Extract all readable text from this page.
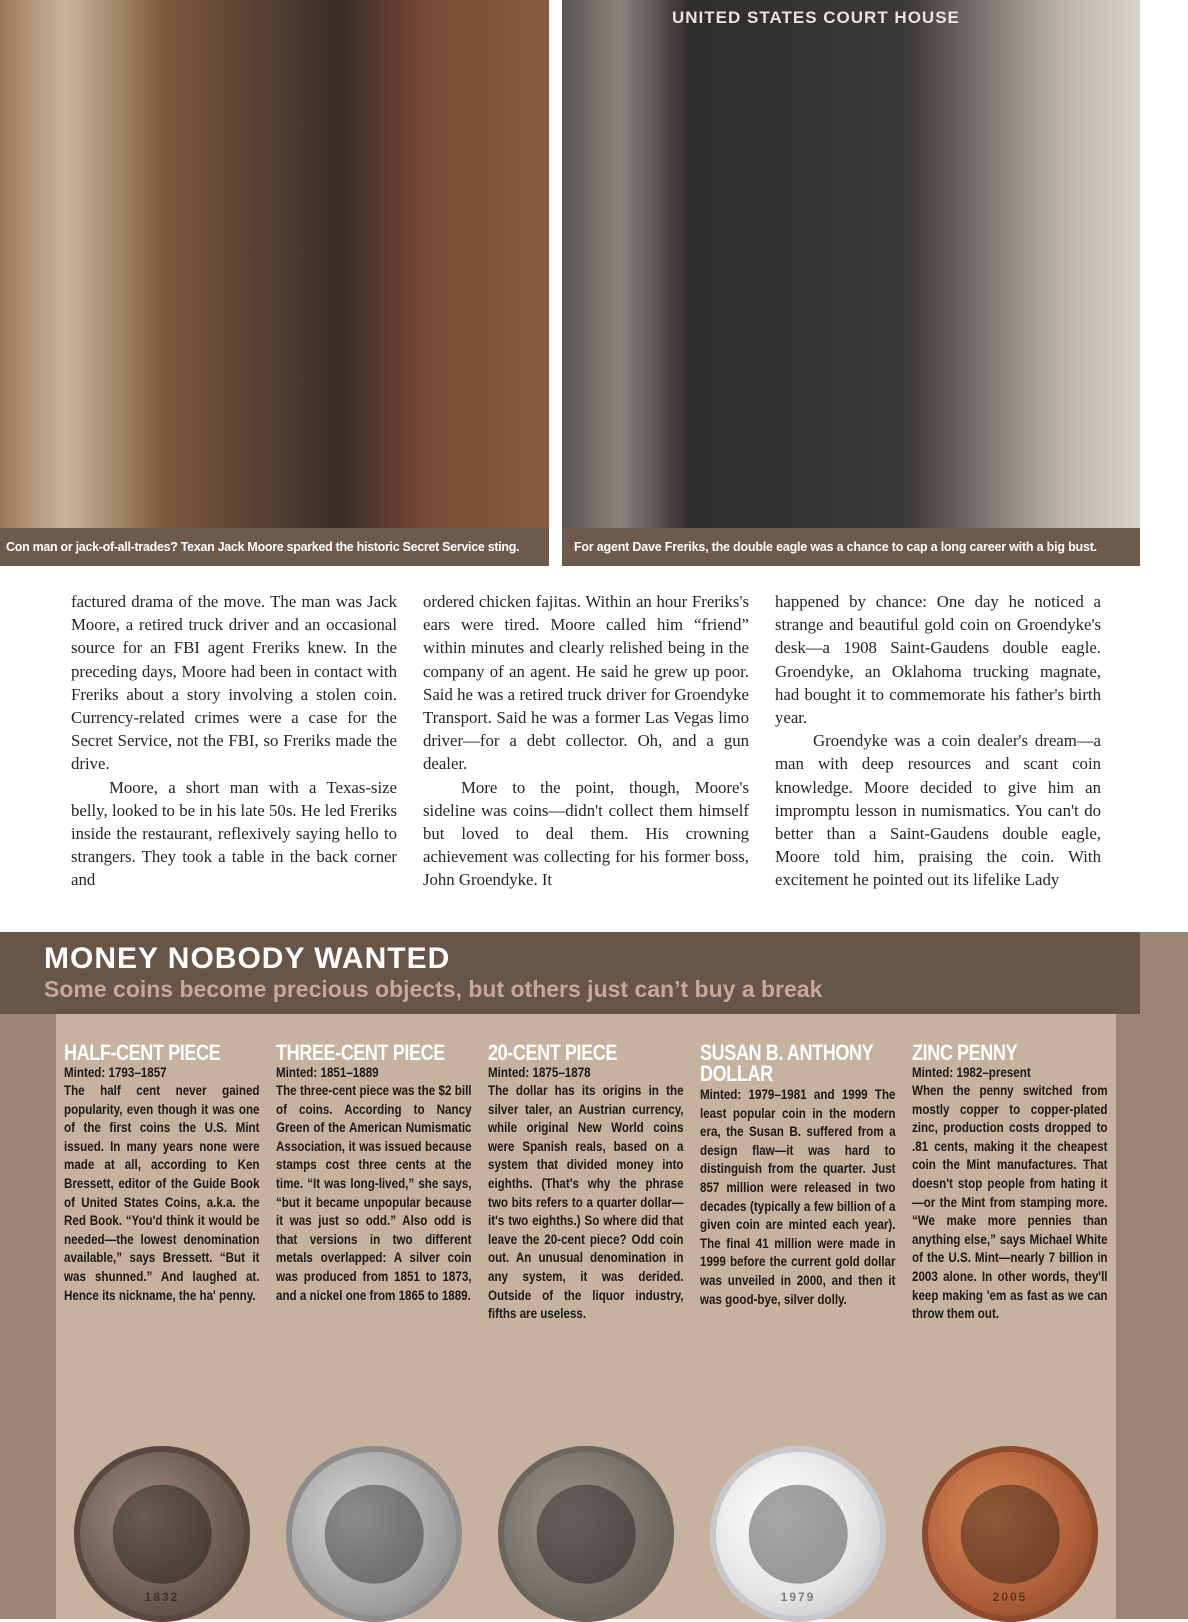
Con man or jack-of-all-trades? Texan Jack Moore sparked the historic Secret Service sting.
UNITED STATES COURT HOUSE
For agent Dave Freriks, the double eagle was a chance to cap a long career with a big bust.

factured drama of the move. The man was Jack Moore, a retired truck driver and an occasional source for an FBI agent Freriks knew. In the preceding days, Moore had been in contact with Freriks about a story involving a stolen coin. Currency-related crimes were a case for the Secret Service, not the FBI, so Freriks made the drive.

Moore, a short man with a Texas-size belly, looked to be in his late 50s. He led Freriks inside the restaurant, reflexively saying hello to strangers. They took a table in the back corner and

ordered chicken fajitas. Within an hour Freriks's ears were tired. Moore called him “friend” within minutes and clearly relished being in the company of an agent. He said he grew up poor. Said he was a retired truck driver for Groendyke Transport. Said he was a former Las Vegas limo driver—for a debt collector. Oh, and a gun dealer.

More to the point, though, Moore's sideline was coins—didn't collect them himself but loved to deal them. His crowning achievement was collecting for his former boss, John Groendyke. It

happened by chance: One day he noticed a strange and beautiful gold coin on Groendyke's desk—a 1908 Saint-Gaudens double eagle. Groendyke, an Oklahoma trucking magnate, had bought it to commemorate his father's birth year.

Groendyke was a coin dealer's dream—a man with deep resources and scant coin knowledge. Moore decided to give him an impromptu lesson in numismatics. You can't do better than a Saint-Gaudens double eagle, Moore told him, praising the coin. With excitement he pointed out its lifelike Lady

MONEY NOBODY WANTED
Some coins become precious objects, but others just can’t buy a break
HALF-CENT PIECE
Minted: 1793–1857
The half cent never gained popularity, even though it was one of the first coins the U.S. Mint issued. In many years none were made at all, according to Ken Bressett, editor of the Guide Book of United States Coins, a.k.a. the Red Book. “You'd think it would be needed—the lowest denomination available,” says Bressett. “But it was shunned.” And laughed at. Hence its nickname, the ha' penny.
1832
THREE-CENT PIECE
Minted: 1851–1889
The three-cent piece was the $2 bill of coins. According to Nancy Green of the American Numismatic Association, it was issued because stamps cost three cents at the time. “It was long-lived,” she says, “but it became unpopular because it was just so odd.” Also odd is that versions in two different metals overlapped: A silver coin was produced from 1851 to 1873, and a nickel one from 1865 to 1889.
20-CENT PIECE
Minted: 1875–1878
The dollar has its origins in the silver taler, an Austrian currency, while original New World coins were Spanish reals, based on a system that divided money into eighths. (That's why the phrase two bits refers to a quarter dollar—it's two eighths.) So where did that leave the 20-cent piece? Odd coin out. An unusual denomination in any system, it was derided. Outside of the liquor industry, fifths are useless.
SUSAN B. ANTHONY DOLLAR
Minted: 1979–1981 and 1999 The least popular coin in the modern era, the Susan B. suffered from a design flaw—it was hard to distinguish from the quarter. Just 857 million were released in two decades (typically a few billion of a given coin are minted each year). The final 41 million were made in 1999 before the current gold dollar was unveiled in 2000, and then it was good-bye, silver dolly.
1979
ZINC PENNY
Minted: 1982–present
When the penny switched from mostly copper to copper-plated zinc, production costs dropped to .81 cents, making it the cheapest coin the Mint manufactures. That doesn't stop people from hating it—or the Mint from stamping more. “We make more pennies than anything else,” says Michael White of the U.S. Mint—nearly 7 billion in 2003 alone. In other words, they'll keep making 'em as fast as we can throw them out.
2005
